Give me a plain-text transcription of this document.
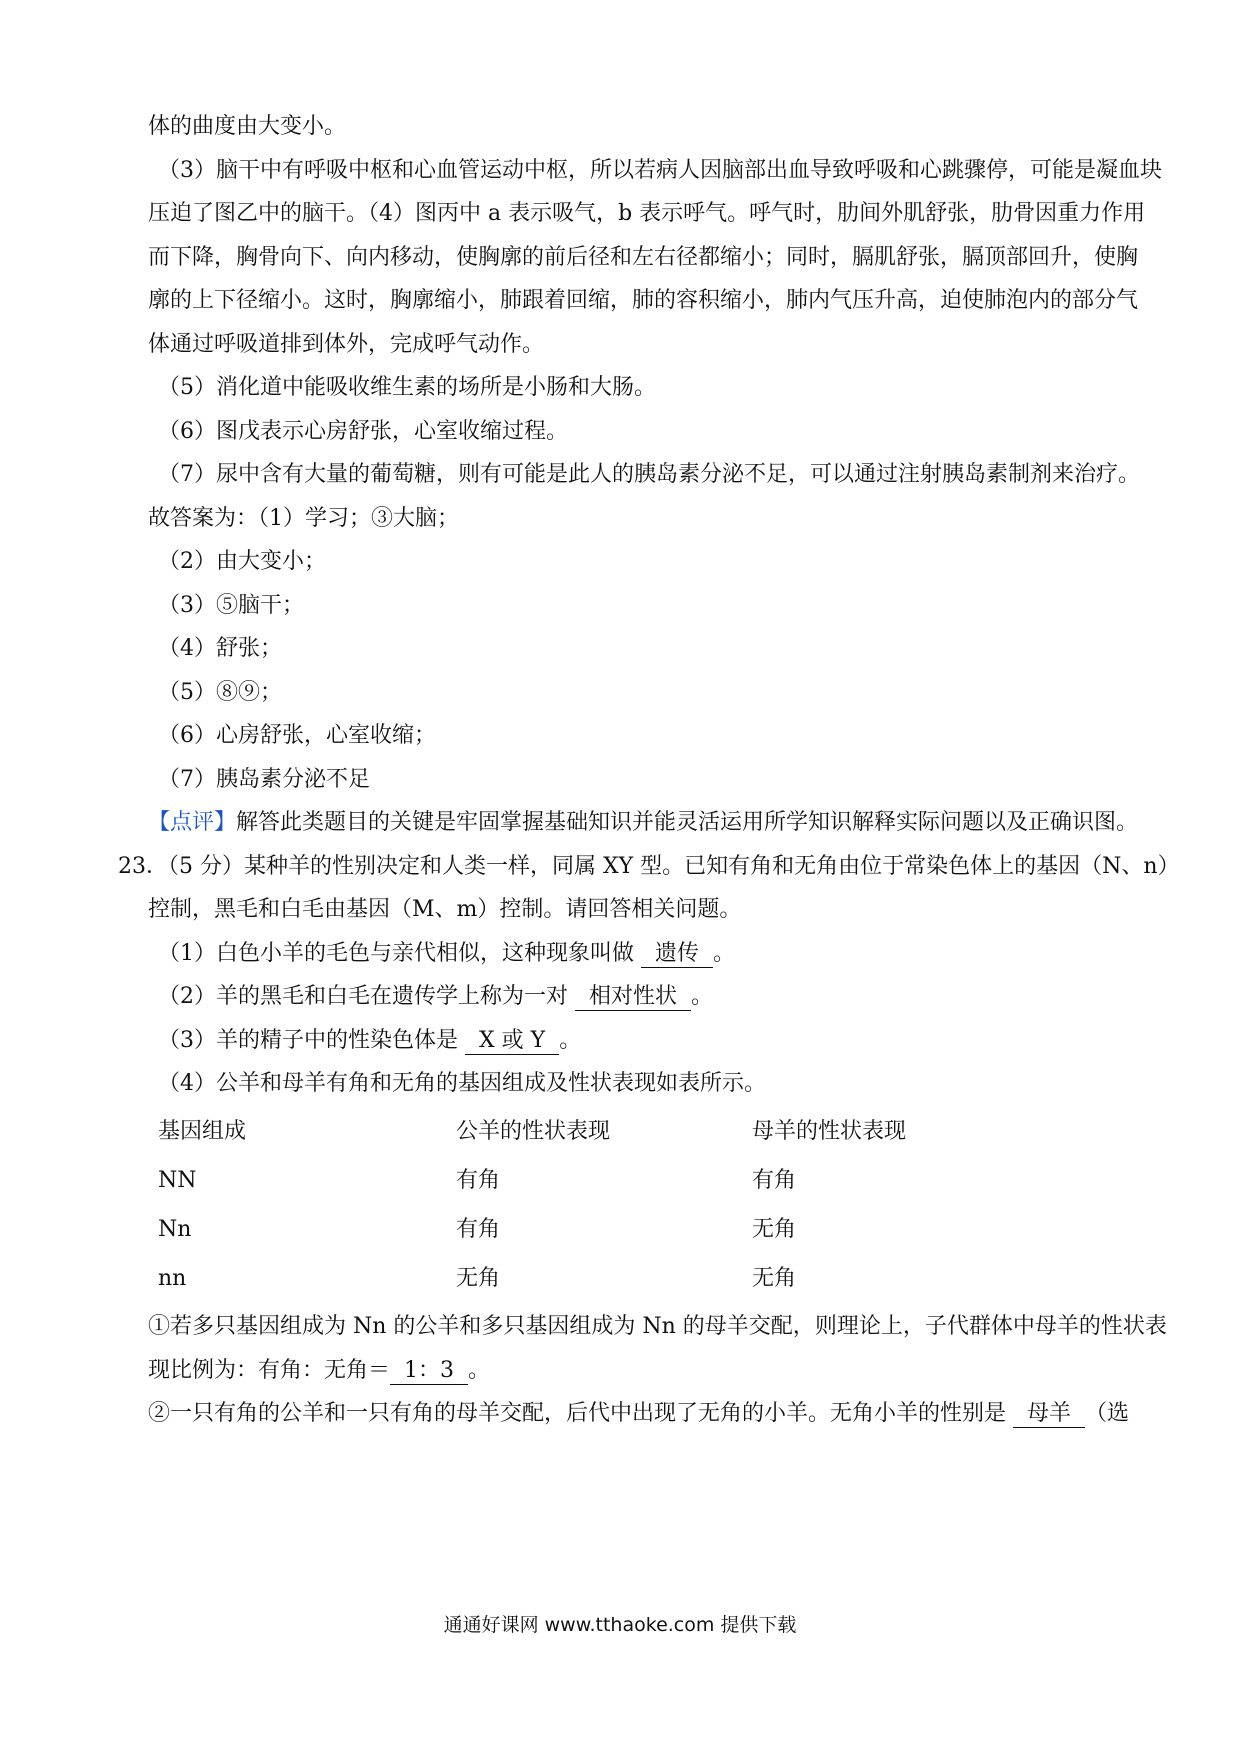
体的曲度由大变小。
（3）脑干中有呼吸中枢和心血管运动中枢，所以若病人因脑部出血导致呼吸和心跳骤停，可能是凝血块
压迫了图乙中的脑干。（4）图丙中 a 表示吸气，b 表示呼气。呼气时，肋间外肌舒张，肋骨因重力作用
而下降，胸骨向下、向内移动，使胸廓的前后径和左右径都缩小；同时，膈肌舒张，膈顶部回升，使胸
廓的上下径缩小。这时，胸廓缩小，肺跟着回缩，肺的容积缩小，肺内气压升高，迫使肺泡内的部分气
体通过呼吸道排到体外，完成呼气动作。
（5）消化道中能吸收维生素的场所是小肠和大肠。
（6）图戊表示心房舒张，心室收缩过程。
（7）尿中含有大量的葡萄糖，则有可能是此人的胰岛素分泌不足，可以通过注射胰岛素制剂来治疗。
故答案为：（1）学习；③大脑；
（2）由大变小；
（3）⑤脑干；
（4）舒张；
（5）⑧⑨；
（6）心房舒张，心室收缩；
（7）胰岛素分泌不足
【点评】解答此类题目的关键是牢固掌握基础知识并能灵活运用所学知识解释实际问题以及正确识图。
23．（5 分）某种羊的性别决定和人类一样，同属 XY 型。已知有角和无角由位于常染色体上的基因（N、n）
控制，黑毛和白毛由基因（M、m）控制。请回答相关问题。
（1）白色小羊的毛色与亲代相似，这种现象叫做 遗传 。
（2）羊的黑毛和白毛在遗传学上称为一对 相对性状 。
（3）羊的精子中的性染色体是 X 或 Y 。
（4）公羊和母羊有角和无角的基因组成及性状表现如表所示。
基因组成	公羊的性状表现	母羊的性状表现
NN	有角	有角
Nn	有角	无角
nn	无角	无角
①若多只基因组成为 Nn 的公羊和多只基因组成为 Nn 的母羊交配，则理论上，子代群体中母羊的性状表
现比例为：有角：无角＝ 1：3 。
②一只有角的公羊和一只有角的母羊交配，后代中出现了无角的小羊。无角小羊的性别是 母羊 （选
通通好课网 www.tthaoke.com 提供下载
